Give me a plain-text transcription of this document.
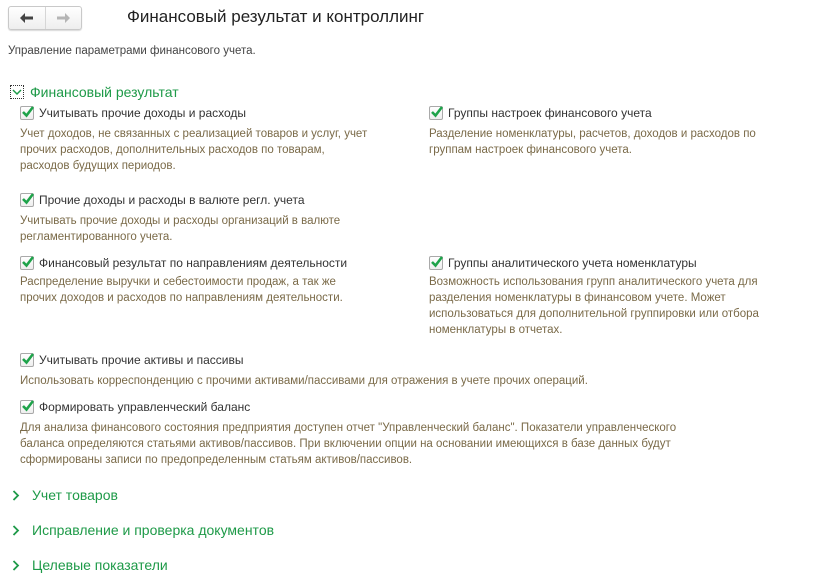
Финансовый результат и контроллинг
Управление параметрами финансового учета.
Финансовый результат
Учитывать прочие доходы и расходы
Учет доходов, не связанных с реализацией товаров и услуг, учет
прочих расходов, дополнительных расходов по товарам,
расходов будущих периодов.
Группы настроек финансового учета
Разделение номенклатуры, расчетов, доходов и расходов по
группам настроек финансового учета.
Прочие доходы и расходы в валюте регл. учета
Учитывать прочие доходы и расходы организаций в валюте
регламентированного учета.
Финансовый результат по направлениям деятельности
Распределение выручки и себестоимости продаж, а так же
прочих доходов и расходов по направлениям деятельности.
Группы аналитического учета номенклатуры
Возможность использования групп аналитического учета для
разделения номенклатуры в финансовом учете. Может
использоваться для дополнительной группировки или отбора
номенклатуры в отчетах.
Учитывать прочие активы и пассивы
Использовать корреспонденцию с прочими активами/пассивами для отражения в учете прочих операций.
Формировать управленческий баланс
Для анализа финансового состояния предприятия доступен отчет "Управленческий баланс". Показатели управленческого
баланса определяются статьями активов/пассивов. При включении опции на основании имеющихся в базе данных будут
сформированы записи по предопределенным статьям активов/пассивов.
Учет товаров
Исправление и проверка документов
Целевые показатели
